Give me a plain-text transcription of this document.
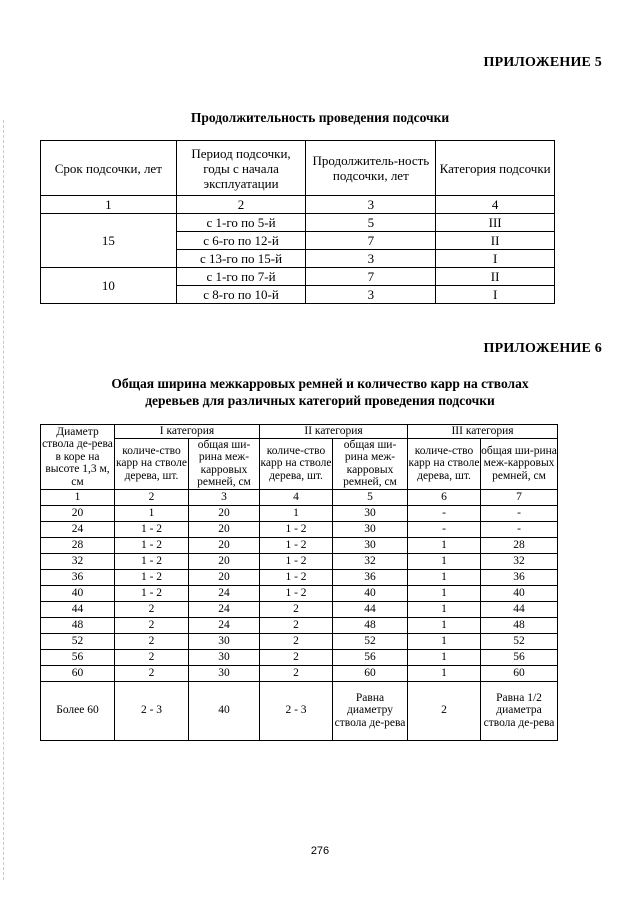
ПРИЛОЖЕНИЕ 5
Продолжительность проведения подсочки
Срок подсочки, лет	Период подсочки, годы с начала эксплуатации	Продолжитель-ность подсочки, лет	Категория подсочки
1	2	3	4
15	с 1-го по 5-й	5	III
	с 6-го по 12-й	7	II
	с 13-го по 15-й	3	I
10	с 1-го по 7-й	7	II
	с 8-го по 10-й	3	I
ПРИЛОЖЕНИЕ 6
Общая ширина межкарровых ремней и количество карр на стволах
деревьев для различных категорий проведения подсочки
Диаметр ствола де-рева в коре на высоте 1,3 м, см	I категория		II категория		III категория	
	количе-ство карр на стволе дерева, шт.	общая ши-рина меж-карровых ремней, см	количе-ство карр на стволе дерева, шт.	общая ши-рина меж-карровых ремней, см	количе-ство карр на стволе дерева, шт.	общая ши-рина меж-карровых ремней, см
1	2	3	4	5	6	7
20	1	20	1	30	-	-
24	1 - 2	20	1 - 2	30	-	-
28	1 - 2	20	1 - 2	30	1	28
32	1 - 2	20	1 - 2	32	1	32
36	1 - 2	20	1 - 2	36	1	36
40	1 - 2	24	1 - 2	40	1	40
44	2	24	2	44	1	44
48	2	24	2	48	1	48
52	2	30	2	52	1	52
56	2	30	2	56	1	56
60	2	30	2	60	1	60
Более 60	2 - 3	40	2 - 3	Равна диаметру ствола де-рева	2	Равна 1/2 диаметра ствола де-рева
276
